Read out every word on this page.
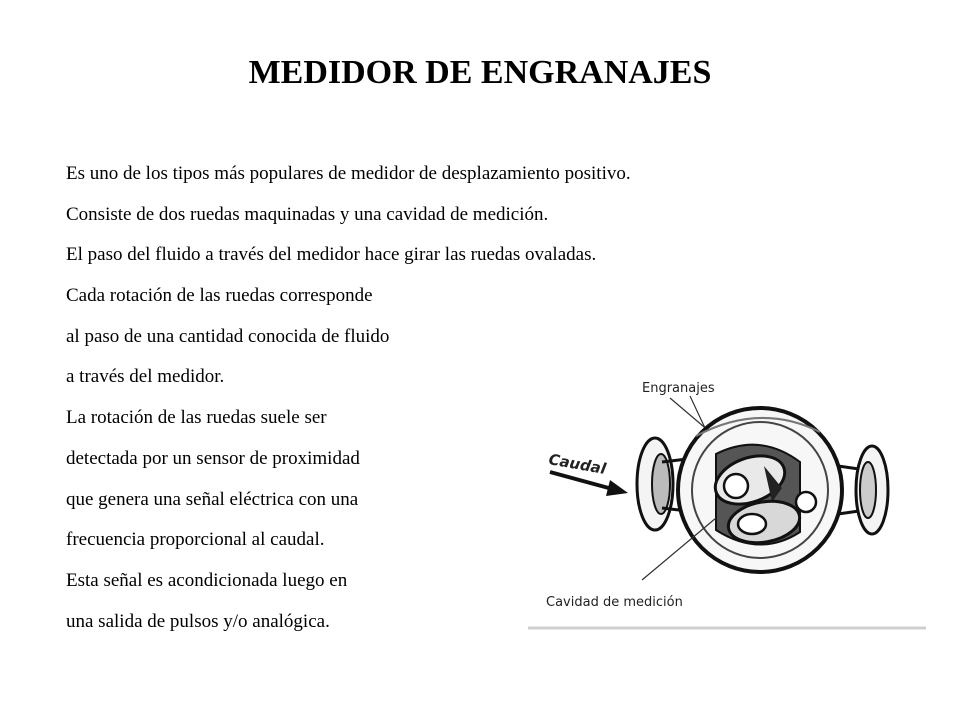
MEDIDOR DE ENGRANAJES
Es uno de los tipos más populares de medidor de desplazamiento positivo.
Consiste de dos ruedas maquinadas y una cavidad de medición.
El paso del fluido a través del medidor hace girar las ruedas ovaladas.
Cada rotación de las ruedas corresponde
al paso de una cantidad conocida de fluido
a través del medidor.
La rotación de las ruedas suele ser
detectada por un sensor de proximidad
que genera una señal eléctrica con una
frecuencia proporcional al caudal.
Esta señal es acondicionada luego en
una salida de pulsos y/o analógica.
Engranajes
Caudal
Cavidad de medición
